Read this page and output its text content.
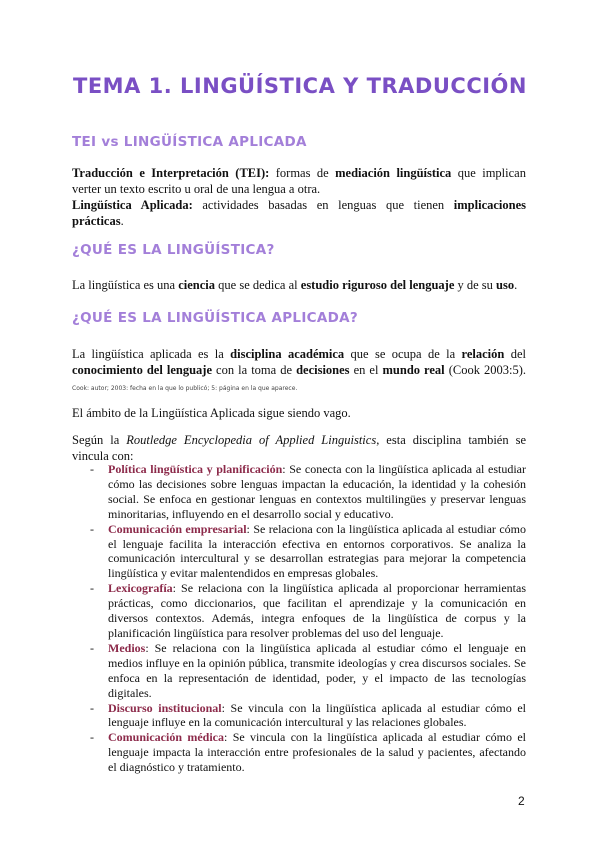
TEMA 1. LINGÜÍSTICA Y TRADUCCIÓN
TEI vs LINGÜÍSTICA APLICADA
Traducción e Interpretación (TEI): formas de mediación lingüística que implican verter un texto escrito u oral de una lengua a otra.
Lingüística Aplicada: actividades basadas en lenguas que tienen implicaciones prácticas.
¿QUÉ ES LA LINGÜÍSTICA?
La lingüística es una ciencia que se dedica al estudio riguroso del lenguaje y de su uso.
¿QUÉ ES LA LINGÜÍSTICA APLICADA?
La lingüística aplicada es la disciplina académica que se ocupa de la relación del conocimiento del lenguaje con la toma de decisiones en el mundo real (Cook 2003:5). Cook: autor; 2003: fecha en la que lo publicó; 5: página en la que aparece.
El ámbito de la Lingüística Aplicada sigue siendo vago.
Según la Routledge Encyclopedia of Applied Linguistics, esta disciplina también se vincula con:
- Política lingüística y planificación: Se conecta con la lingüística aplicada al estudiar cómo las decisiones sobre lenguas impactan la educación, la identidad y la cohesión social. Se enfoca en gestionar lenguas en contextos multilingües y preservar lenguas minoritarias, influyendo en el desarrollo social y educativo.
- Comunicación empresarial: Se relaciona con la lingüística aplicada al estudiar cómo el lenguaje facilita la interacción efectiva en entornos corporativos. Se analiza la comunicación intercultural y se desarrollan estrategias para mejorar la competencia lingüística y evitar malentendidos en empresas globales.
- Lexicografía: Se relaciona con la lingüística aplicada al proporcionar herramientas prácticas, como diccionarios, que facilitan el aprendizaje y la comunicación en diversos contextos. Además, integra enfoques de la lingüística de corpus y la planificación lingüística para resolver problemas del uso del lenguaje.
- Medios: Se relaciona con la lingüística aplicada al estudiar cómo el lenguaje en medios influye en la opinión pública, transmite ideologías y crea discursos sociales. Se enfoca en la representación de identidad, poder, y el impacto de las tecnologías digitales.
- Discurso institucional: Se vincula con la lingüística aplicada al estudiar cómo el lenguaje influye en la comunicación intercultural y las relaciones globales.
- Comunicación médica: Se vincula con la lingüística aplicada al estudiar cómo el lenguaje impacta la interacción entre profesionales de la salud y pacientes, afectando el diagnóstico y tratamiento.
2
